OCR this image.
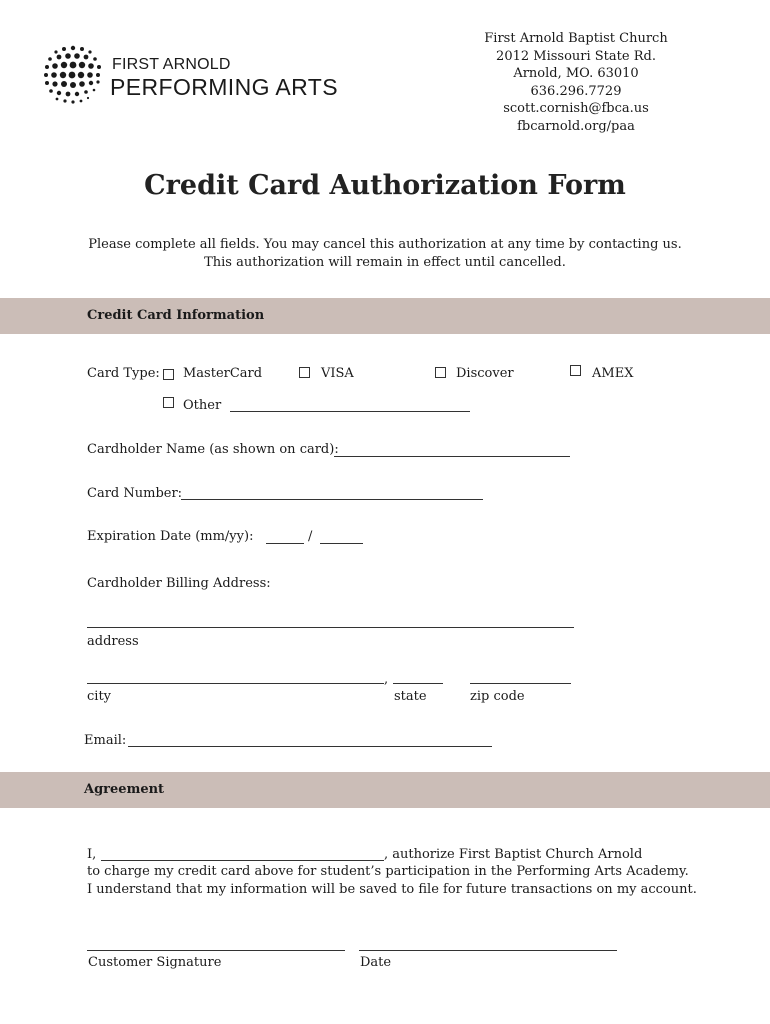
FIRST ARNOLD
PERFORMING ARTS
First Arnold Baptist Church
2012 Missouri State Rd.
Arnold, MO. 63010
636.296.7729
scott.cornish@fbca.us
fbcarnold.org/paa
Credit Card Authorization Form
Please complete all fields. You may cancel this authorization at any time by contacting us.
This authorization will remain in effect until cancelled.
Credit Card Information
Card Type: MasterCard	VISA	Discover	AMEX
Other
Cardholder Name (as shown on card):
Card Number:
Expiration Date (mm/yy):	/
Cardholder Billing Address:
address
,
city	state	zip code
Email:
Agreement
I,	, authorize First Baptist Church Arnold
to charge my credit card above for student’s participation in the Performing Arts Academy.
I understand that my information will be saved to file for future transactions on my account.
Customer Signature	Date
